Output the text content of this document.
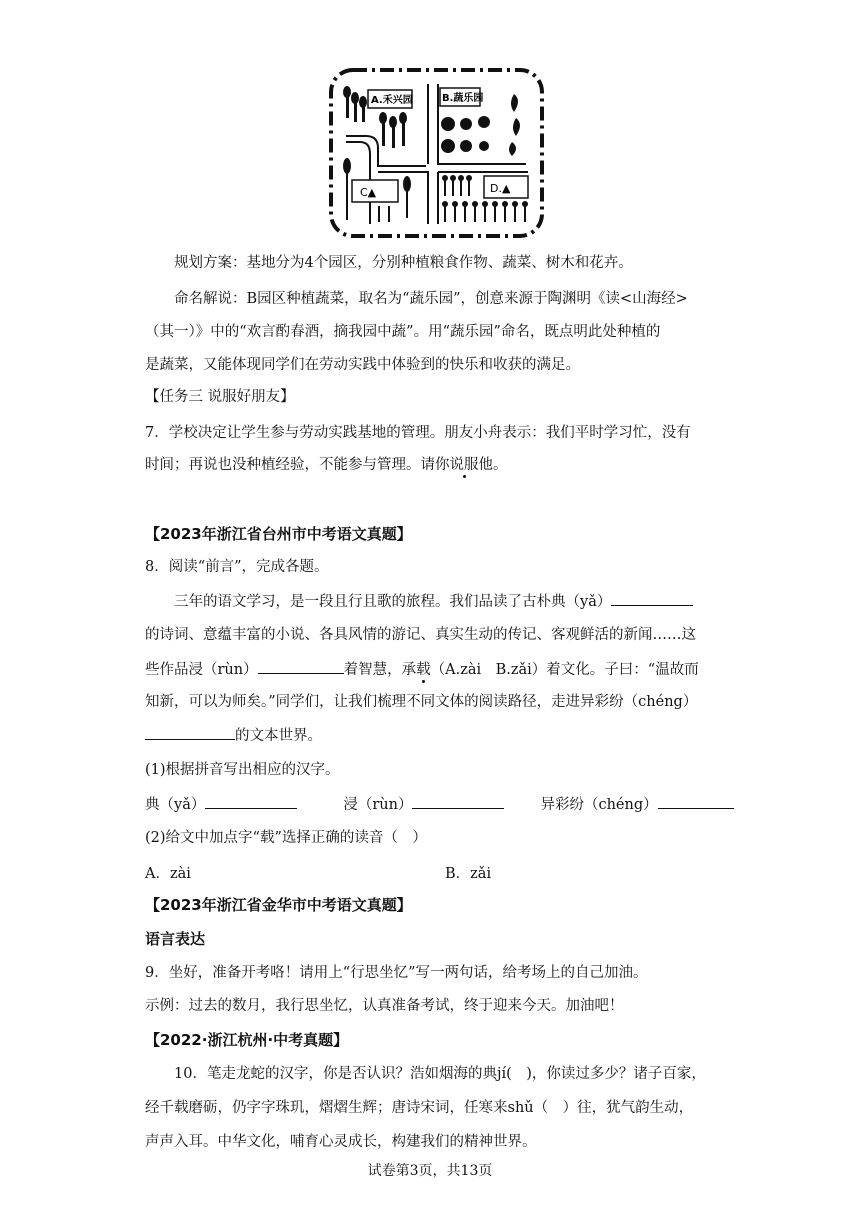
A.禾兴园	B.蔬乐园
C▲	D.▲
规划方案：基地分为4个园区，分别种植粮食作物、蔬菜、树木和花卉。
命名解说：B园区种植蔬菜，取名为“蔬乐园”，创意来源于陶渊明《读<山海经>
（其一）》中的“欢言酌春酒，摘我园中蔬”。用“蔬乐园”命名，既点明此处种植的
是蔬菜，又能体现同学们在劳动实践中体验到的快乐和收获的满足。
【任务三 说服好朋友】
7．学校决定让学生参与劳动实践基地的管理。朋友小舟表示：我们平时学习忙，没有
时间；再说也没种植经验，不能参与管理。请你说服他。
【2023年浙江省台州市中考语文真题】
8．阅读“前言”，完成各题。
三年的语文学习，是一段且行且歌的旅程。我们品读了古朴典（yǎ）
的诗词、意蕴丰富的小说、各具风情的游记、真实生动的传记、客观鲜活的新闻……这
些作品浸（rùn）	着智慧，承载（A.zài　B.zǎi）着文化。子曰：“温故而
知新，可以为师矣。”同学们，让我们梳理不同文体的阅读路径，走进异彩纷（chéng）
的文本世界。
(1)根据拼音写出相应的汉字。
典（yǎ）	浸（rùn）	异彩纷（chéng）
(2)给文中加点字“载”选择正确的读音（　）
A．zài	B．zǎi
【2023年浙江省金华市中考语文真题】
语言表达
9．坐好，准备开考咯！请用上“行思坐忆”写一两句话，给考场上的自己加油。
示例：过去的数月，我行思坐忆，认真准备考试，终于迎来今天。加油吧！
【2022·浙江杭州·中考真题】
10．笔走龙蛇的汉字，你是否认识？浩如烟海的典jí(　)，你读过多少？诸子百家，
经千载磨砺，仍字字珠玑，熠熠生辉；唐诗宋词，任寒来shǔ（　）往，犹气韵生动，
声声入耳。中华文化，哺育心灵成长，构建我们的精神世界。
试卷第3页，共13页
